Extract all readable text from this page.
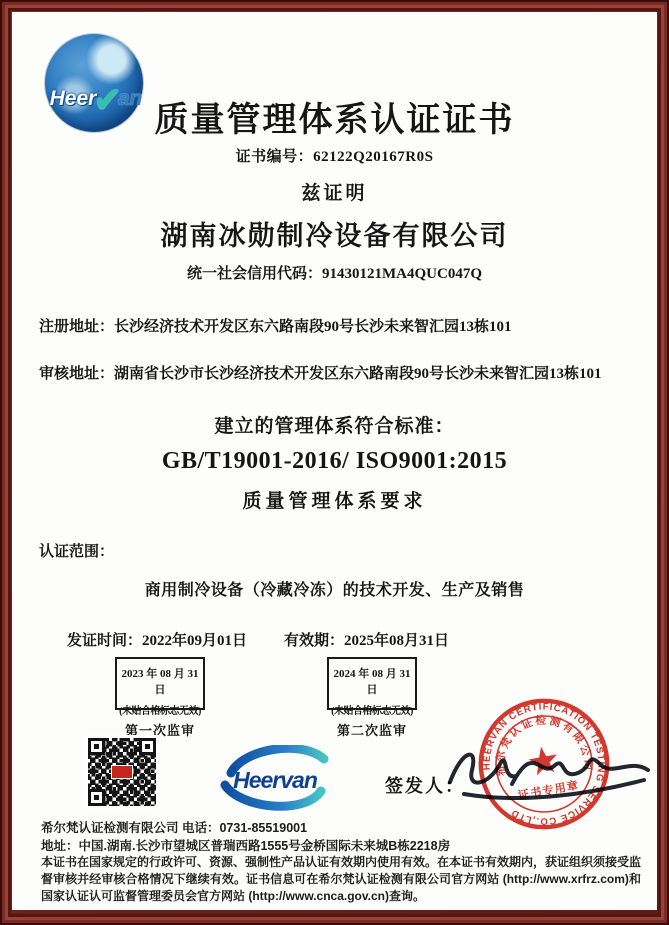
Heer✔an
质量管理体系认证证书
证书编号：62122Q20167R0S
兹证明
湖南冰勋制冷设备有限公司
统一社会信用代码：91430121MA4QUC047Q
注册地址：长沙经济技术开发区东六路南段90号长沙未来智汇园13栋101
审核地址：湖南省长沙市长沙经济技术开发区东六路南段90号长沙未来智汇园13栋101
建立的管理体系符合标准：
GB/T19001-2016/ ISO9001:2015
质量管理体系要求
认证范围：
商用制冷设备（冷藏冷冻）的技术开发、生产及销售
发证时间：2022年09月01日 有效期：2025年08月31日
2023 年 08 月 31 日
(未贴合格标志无效)
2024 年 08 月 31 日
(未贴合格标志无效)
第一次监审	第二次监审
Heervan	签发人：
HEERVAN CERTIFICATION TESTING SERVICE CO.,LTD
希尔梵认证检测有限公司
证书专用章
希尔梵认证检测有限公司 电话：0731-85519001
地址：中国.湖南.长沙市望城区普瑞西路1555号金桥国际未来城B栋2218房
本证书在国家规定的行政许可、资源、强制性产品认证有效期内使用有效。在本证书有效期内，获证组织须接受监督审核并经审核合格情况下继续有效。证书信息可在希尔梵认证检测有限公司官方网站 (http://www.xrfrz.com)和国家认证认可监督管理委员会官方网站 (http://www.cnca.gov.cn)查询。
